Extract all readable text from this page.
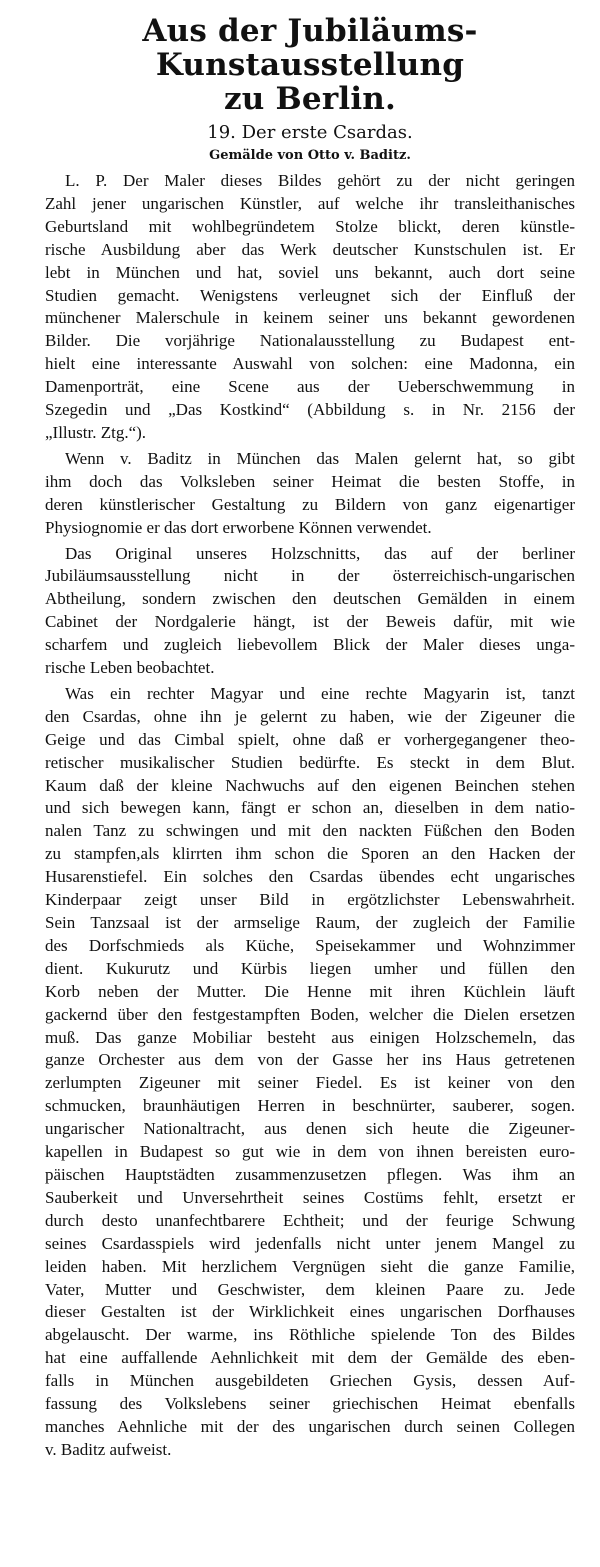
Aus der Jubiläums-Kunstausstellung
zu Berlin.
19. Der erste Csardas.
Gemälde von Otto v. Baditz.
L. P. Der Maler dieses Bildes gehört zu der nicht geringen
Zahl jener ungarischen Künstler, auf welche ihr transleithanisches
Geburtsland mit wohlbegründetem Stolze blickt, deren künstle-
rische Ausbildung aber das Werk deutscher Kunstschulen ist. Er
lebt in München und hat, soviel uns bekannt, auch dort seine
Studien gemacht. Wenigstens verleugnet sich der Einfluß der
münchener Malerschule in keinem seiner uns bekannt gewordenen
Bilder. Die vorjährige Nationalausstellung zu Budapest ent-
hielt eine interessante Auswahl von solchen: eine Madonna, ein
Damenporträt, eine Scene aus der Ueberschwemmung in
Szegedin und „Das Kostkind“ (Abbildung s. in Nr. 2156 der
„Illustr. Ztg.“).
Wenn v. Baditz in München das Malen gelernt hat, so gibt
ihm doch das Volksleben seiner Heimat die besten Stoffe, in
deren künstlerischer Gestaltung zu Bildern von ganz eigenartiger
Physiognomie er das dort erworbene Können verwendet.
Das Original unseres Holzschnitts, das auf der berliner
Jubiläumsausstellung nicht in der österreichisch-ungarischen
Abtheilung, sondern zwischen den deutschen Gemälden in einem
Cabinet der Nordgalerie hängt, ist der Beweis dafür, mit wie
scharfem und zugleich liebevollem Blick der Maler dieses unga-
rische Leben beobachtet.
Was ein rechter Magyar und eine rechte Magyarin ist, tanzt
den Csardas, ohne ihn je gelernt zu haben, wie der Zigeuner die
Geige und das Cimbal spielt, ohne daß er vorhergegangener theo-
retischer musikalischer Studien bedürfte. Es steckt in dem Blut.
Kaum daß der kleine Nachwuchs auf den eigenen Beinchen stehen
und sich bewegen kann, fängt er schon an, dieselben in dem natio-
nalen Tanz zu schwingen und mit den nackten Füßchen den Boden
zu stampfen,als klirrten ihm schon die Sporen an den Hacken der
Husarenstiefel. Ein solches den Csardas übendes echt ungarisches
Kinderpaar zeigt unser Bild in ergötzlichster Lebenswahrheit.
Sein Tanzsaal ist der armselige Raum, der zugleich der Familie
des Dorfschmieds als Küche, Speisekammer und Wohnzimmer
dient. Kukurutz und Kürbis liegen umher und füllen den
Korb neben der Mutter. Die Henne mit ihren Küchlein läuft
gackernd über den festgestampften Boden, welcher die Dielen ersetzen
muß. Das ganze Mobiliar besteht aus einigen Holzschemeln, das
ganze Orchester aus dem von der Gasse her ins Haus getretenen
zerlumpten Zigeuner mit seiner Fiedel. Es ist keiner von den
schmucken, braunhäutigen Herren in beschnürter, sauberer, sogen.
ungarischer Nationaltracht, aus denen sich heute die Zigeuner-
kapellen in Budapest so gut wie in dem von ihnen bereisten euro-
päischen Hauptstädten zusammenzusetzen pflegen. Was ihm an
Sauberkeit und Unversehrtheit seines Costüms fehlt, ersetzt er
durch desto unanfechtbarere Echtheit; und der feurige Schwung
seines Csardasspiels wird jedenfalls nicht unter jenem Mangel zu
leiden haben. Mit herzlichem Vergnügen sieht die ganze Familie,
Vater, Mutter und Geschwister, dem kleinen Paare zu. Jede
dieser Gestalten ist der Wirklichkeit eines ungarischen Dorfhauses
abgelauscht. Der warme, ins Röthliche spielende Ton des Bildes
hat eine auffallende Aehnlichkeit mit dem der Gemälde des eben-
falls in München ausgebildeten Griechen Gysis, dessen Auf-
fassung des Volkslebens seiner griechischen Heimat ebenfalls
manches Aehnliche mit der des ungarischen durch seinen Collegen
v. Baditz aufweist.
